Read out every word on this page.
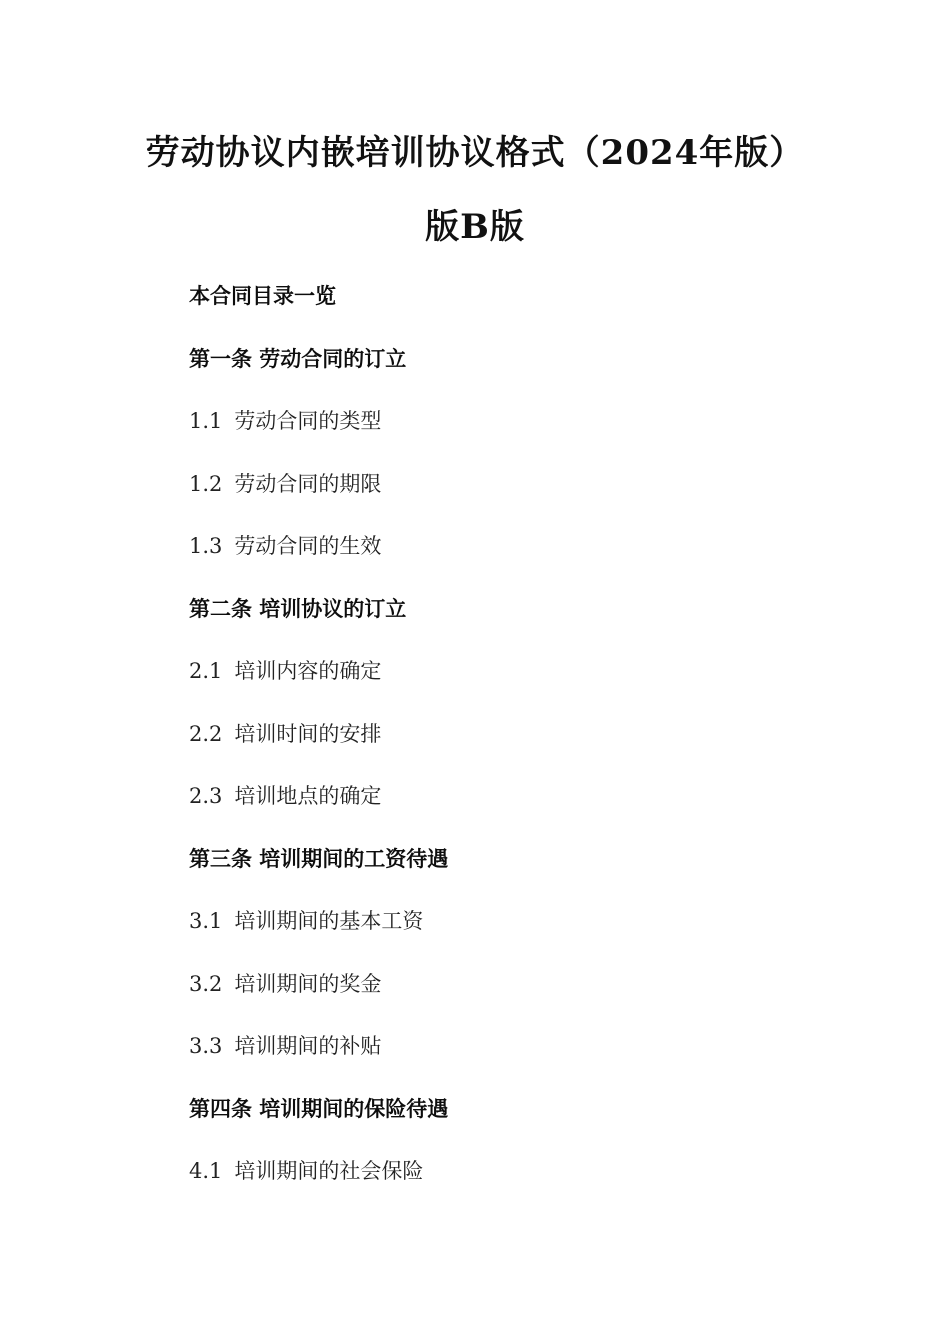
劳动协议内嵌培训协议格式（2024年版）
版B版
本合同目录一览
第一条 劳动合同的订立
1.1 劳动合同的类型
1.2 劳动合同的期限
1.3 劳动合同的生效
第二条 培训协议的订立
2.1 培训内容的确定
2.2 培训时间的安排
2.3 培训地点的确定
第三条 培训期间的工资待遇
3.1 培训期间的基本工资
3.2 培训期间的奖金
3.3 培训期间的补贴
第四条 培训期间的保险待遇
4.1 培训期间的社会保险
